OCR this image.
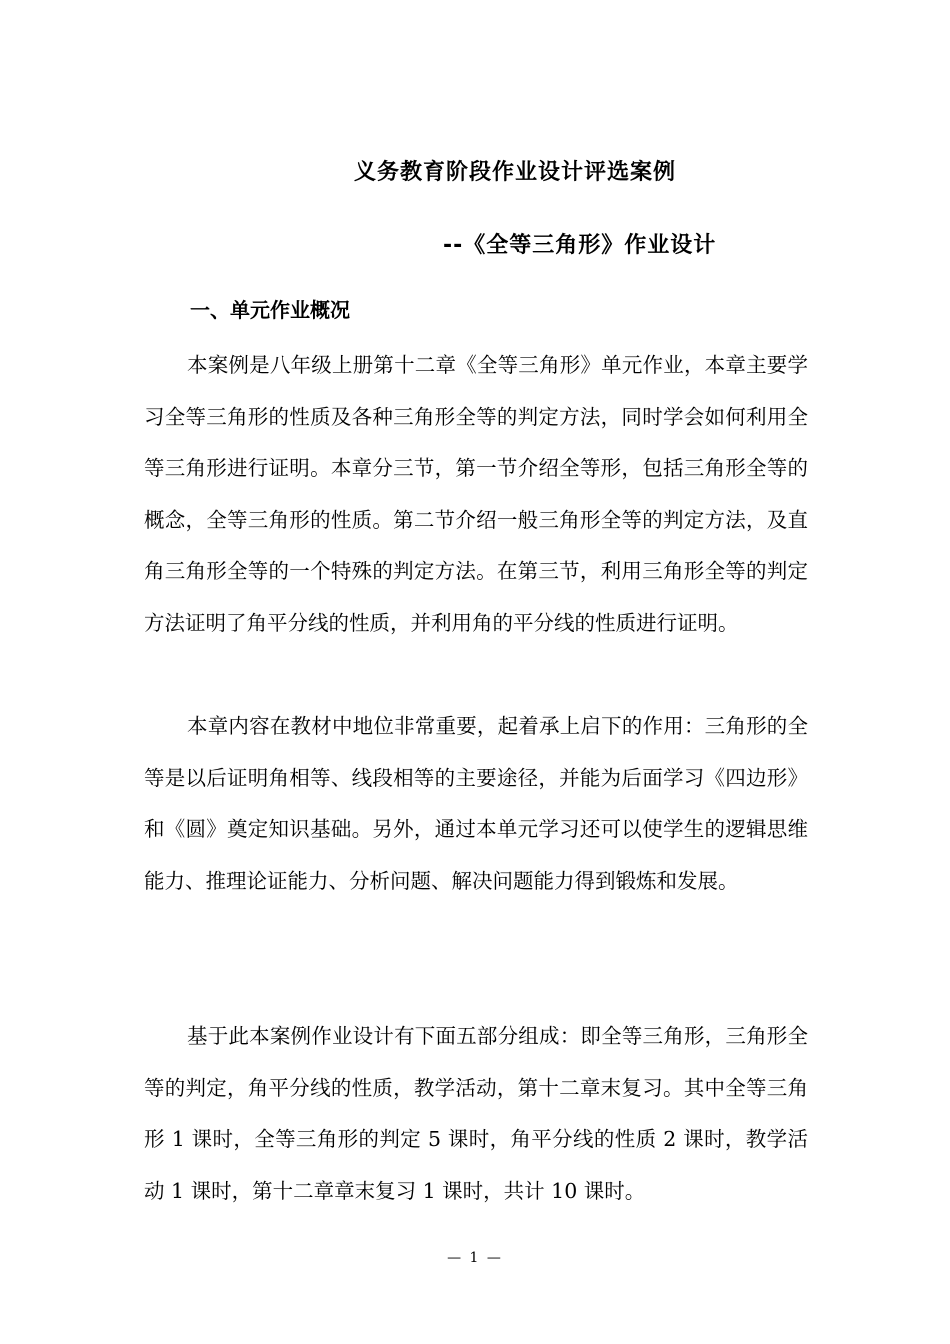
义务教育阶段作业设计评选案例
--《全等三角形》作业设计
一、单元作业概况

本案例是八年级上册第十二章《全等三角形》单元作业，本章主要学习全等三角形的性质及各种三角形全等的判定方法，同时学会如何利用全等三角形进行证明。本章分三节，第一节介绍全等形，包括三角形全等的概念，全等三角形的性质。第二节介绍一般三角形全等的判定方法，及直角三角形全等的一个特殊的判定方法。在第三节，利用三角形全等的判定方法证明了角平分线的性质，并利用角的平分线的性质进行证明。

本章内容在教材中地位非常重要，起着承上启下的作用：三角形的全等是以后证明角相等、线段相等的主要途径，并能为后面学习《四边形》和《圆》奠定知识基础。另外，通过本单元学习还可以使学生的逻辑思维能力、推理论证能力、分析问题、解决问题能力得到锻炼和发展。

基于此本案例作业设计有下面五部分组成：即全等三角形，三角形全等的判定，角平分线的性质，教学活动，第十二章末复习。其中全等三角形 1 课时，全等三角形的判定 5 课时，角平分线的性质 2 课时，教学活动 1 课时，第十二章章末复习 1 课时，共计 10 课时。

— 1 —
